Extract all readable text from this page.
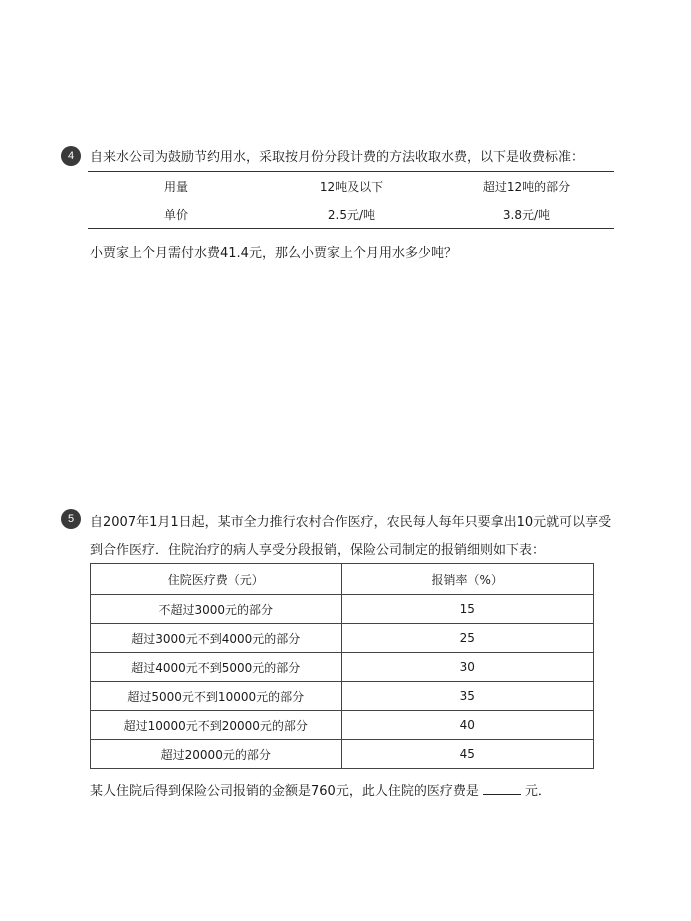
4	自来水公司为鼓励节约用水，采取按月份分段计费的方法收取水费，以下是收费标准：
用量	12吨及以下	超过12吨的部分
单价	2.5元/吨	3.8元/吨
小贾家上个月需付水费41.4元，那么小贾家上个月用水多少吨？
5	自2007年1月1日起，某市全力推行农村合作医疗，农民每人每年只要拿出10元就可以享受
到合作医疗．住院治疗的病人享受分段报销，保险公司制定的报销细则如下表：
住院医疗费（元）	报销率（%）
不超过3000元的部分	15
超过3000元不到4000元的部分	25
超过4000元不到5000元的部分	30
超过5000元不到10000元的部分	35
超过10000元不到20000元的部分	40
超过20000元的部分	45
某人住院后得到保险公司报销的金额是760元，此人住院的医疗费是	元．
